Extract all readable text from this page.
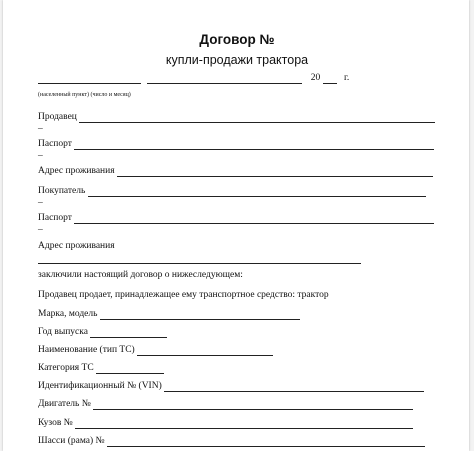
Договор №
купли-продажи трактора
20	г.
(населенный пункт) (число и месяц)
Продавец
–
Паспорт
–
Адрес проживания
Покупатель
–
Паспорт
–
Адрес проживания
заключили настоящий договор о нижеследующем:
Продавец продает, принадлежащее ему транспортное средство: трактор
Марка, модель
Год выпуска
Наименование (тип ТС)
Категория ТС
Идентификационный № (VIN)
Двигатель №
Кузов №
Шасси (рама) №
